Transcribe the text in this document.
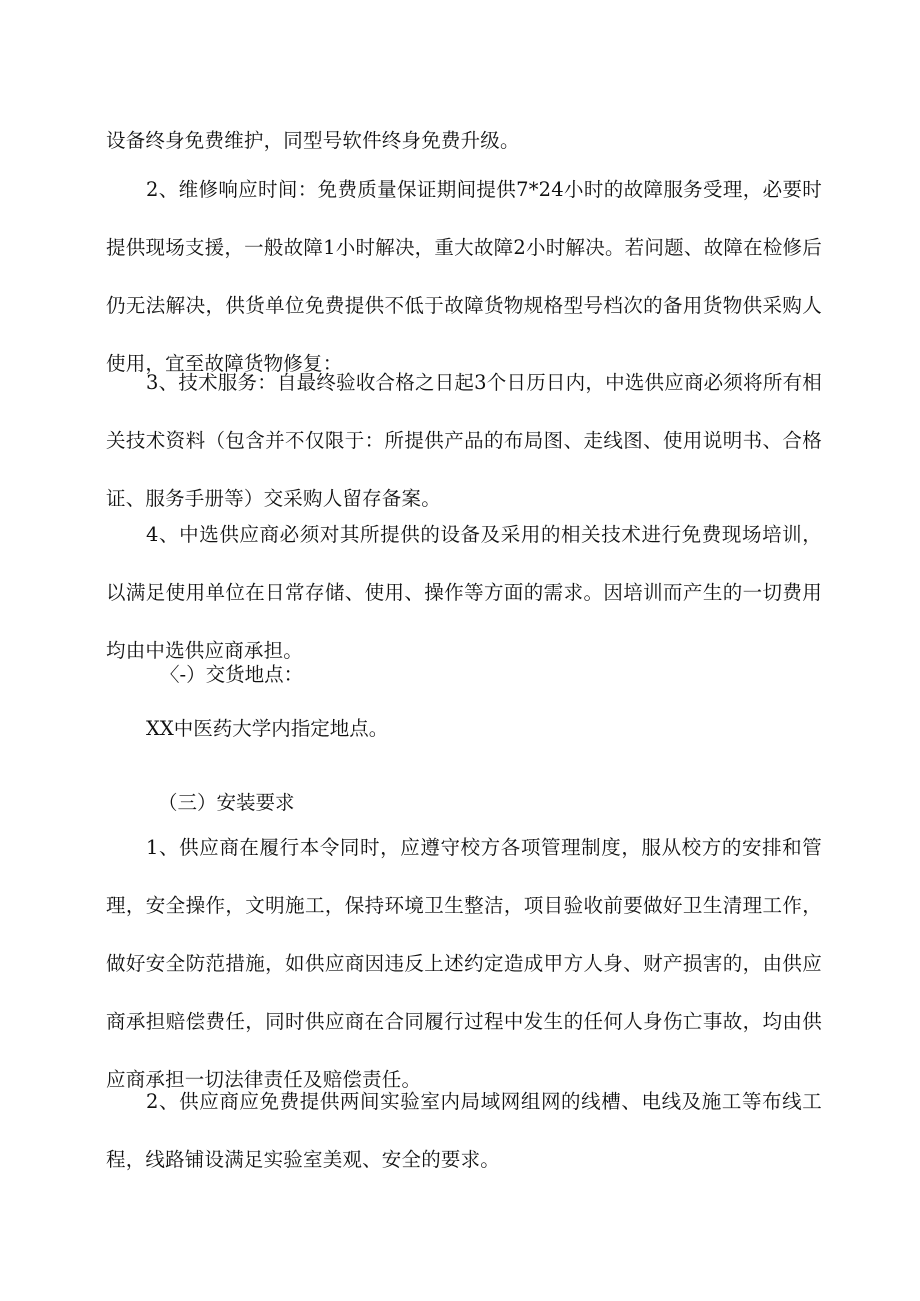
设备终身免费维护，同型号软件终身免费升级。

2、维修响应时间：免费质量保证期间提供7*24小时的故障服务受理，必要时提供现场支援，一般故障1小时解决，重大故障2小时解决。若问题、故障在检修后仍无法解决，供货单位免费提供不低于故障货物规格型号档次的备用货物供采购人使用，宜至故障货物修复：

3、技术服务：自最终验收合格之日起3个日历日内，中选供应商必须将所有相关技术资料（包含并不仅限于：所提供产品的布局图、走线图、使用说明书、合格证、服务手册等）交采购人留存备案。

4、中选供应商必须对其所提供的设备及采用的相关技术进行免费现场培训，以满足使用单位在日常存储、使用、操作等方面的需求。因培训而产生的一切费用均由中选供应商承担。

〈-）交货地点：

XX中医药大学内指定地点。

（三）安装要求

1、供应商在履行本令同时，应遵守校方各项管理制度，服从校方的安排和管理，安全操作，文明施工，保持环境卫生整洁，项目验收前要做好卫生清理工作，做好安全防范措施，如供应商因违反上述约定造成甲方人身、财产损害的，由供应商承担赔偿费任，同时供应商在合同履行过程中发生的任何人身伤亡事故，均由供应商承担一切法律责任及赔偿责任。

2、供应商应免费提供两间实验室内局域网组网的线槽、电线及施工等布线工程，线路铺设满足实验室美观、安全的要求。
